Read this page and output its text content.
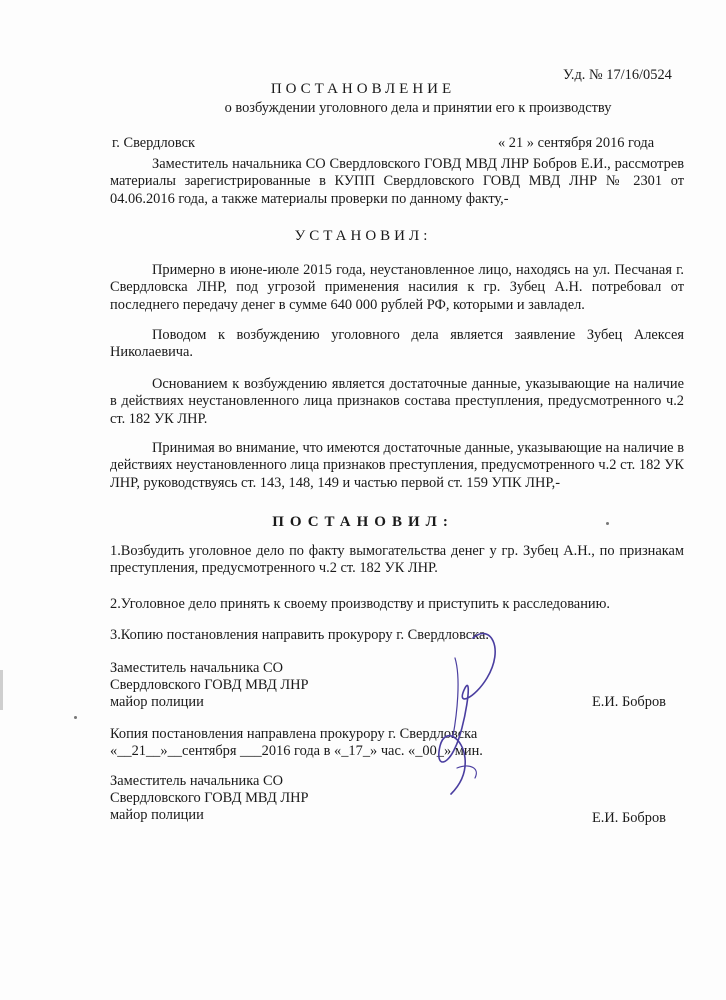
У.д. № 17/16/0524
ПОСТАНОВЛЕНИЕ
о возбуждении уголовного дела и принятии его к производству
г. Свердловск	« 21 » сентября 2016 года
Заместитель начальника СО Свердловского ГОВД МВД ЛНР Бобров Е.И., рассмотрев материалы зарегистрированные в КУПП Свердловского ГОВД МВД ЛНР № 2301 от 04.06.2016 года, а также материалы проверки по данному факту,-
УСТАНОВИЛ:
Примерно в июне-июле 2015 года, неустановленное лицо, находясь на ул. Песчаная г. Свердловска ЛНР, под угрозой применения насилия к гр. Зубец А.Н. потребовал от последнего передачу денег в сумме 640 000 рублей РФ, которыми и завладел.
Поводом к возбуждению уголовного дела является заявление Зубец Алексея Николаевича.
Основанием к возбуждению является достаточные данные, указывающие на наличие в действиях неустановленного лица признаков состава преступления, предусмотренного ч.2 ст. 182 УК ЛНР.
Принимая во внимание, что имеются достаточные данные, указывающие на наличие в действиях неустановленного лица признаков преступления, предусмотренного ч.2 ст. 182 УК ЛНР, руководствуясь ст. 143, 148, 149 и частью первой ст. 159 УПК ЛНР,-
ПОСТАНОВИЛ:
1.Возбудить уголовное дело по факту вымогательства денег у гр. Зубец А.Н., по признакам преступления, предусмотренного ч.2 ст. 182 УК ЛНР.
2.Уголовное дело принять к своему производству и приступить к расследованию.
3.Копию постановления направить прокурору г. Свердловска.
Заместитель начальника СО
Свердловского ГОВД МВД ЛНР
майор полиции	Е.И. Бобров
Копия постановления направлена прокурору г. Свердловска
«__21__»__сентября ___2016 года в «_17_» час. «_00_» мин.
Заместитель начальника СО
Свердловского ГОВД МВД ЛНР
майор полиции	Е.И. Бобров
